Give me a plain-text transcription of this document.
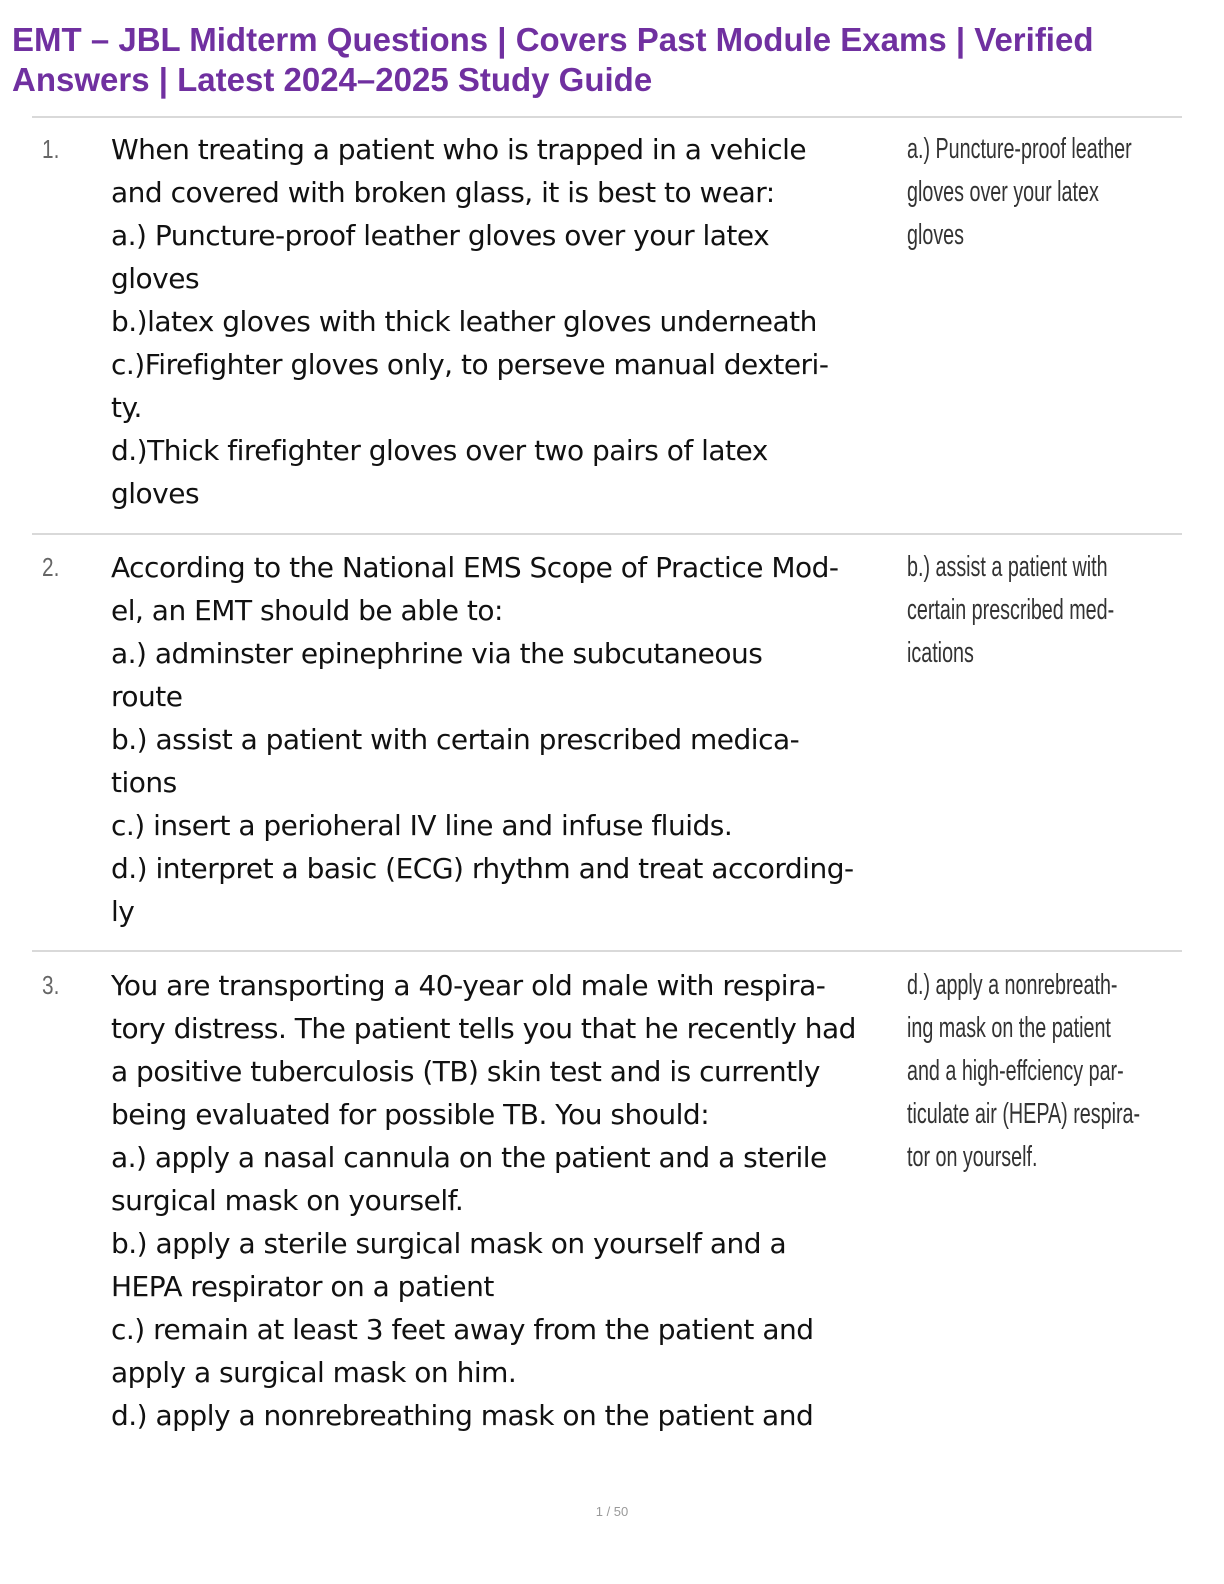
EMT – JBL Midterm Questions | Covers Past Module Exams | Verified Answers | Latest 2024–2025 Study Guide
1. When treating a patient who is trapped in a vehicle
and covered with broken glass, it is best to wear:
a.) Puncture-proof leather gloves over your latex
gloves
b.)latex gloves with thick leather gloves underneath
c.)Firefighter gloves only, to perseve manual dexteri-
ty.
d.)Thick firefighter gloves over two pairs of latex
gloves
a.) Puncture-proof leather
gloves over your latex
gloves
2. According to the National EMS Scope of Practice Mod-
el, an EMT should be able to:
a.) adminster epinephrine via the subcutaneous
route
b.) assist a patient with certain prescribed medica-
tions
c.) insert a perioheral IV line and infuse fluids.
d.) interpret a basic (ECG) rhythm and treat according-
ly
b.) assist a patient with
certain prescribed med-
ications
3. You are transporting a 40-year old male with respira-
tory distress. The patient tells you that he recently had
a positive tuberculosis (TB) skin test and is currently
being evaluated for possible TB. You should:
a.) apply a nasal cannula on the patient and a sterile
surgical mask on yourself.
b.) apply a sterile surgical mask on yourself and a
HEPA respirator on a patient
c.) remain at least 3 feet away from the patient and
apply a surgical mask on him.
d.) apply a nonrebreathing mask on the patient and
d.) apply a nonrebreath-
ing mask on the patient
and a high-effciency par-
ticulate air (HEPA) respira-
tor on yourself.
1 / 50
